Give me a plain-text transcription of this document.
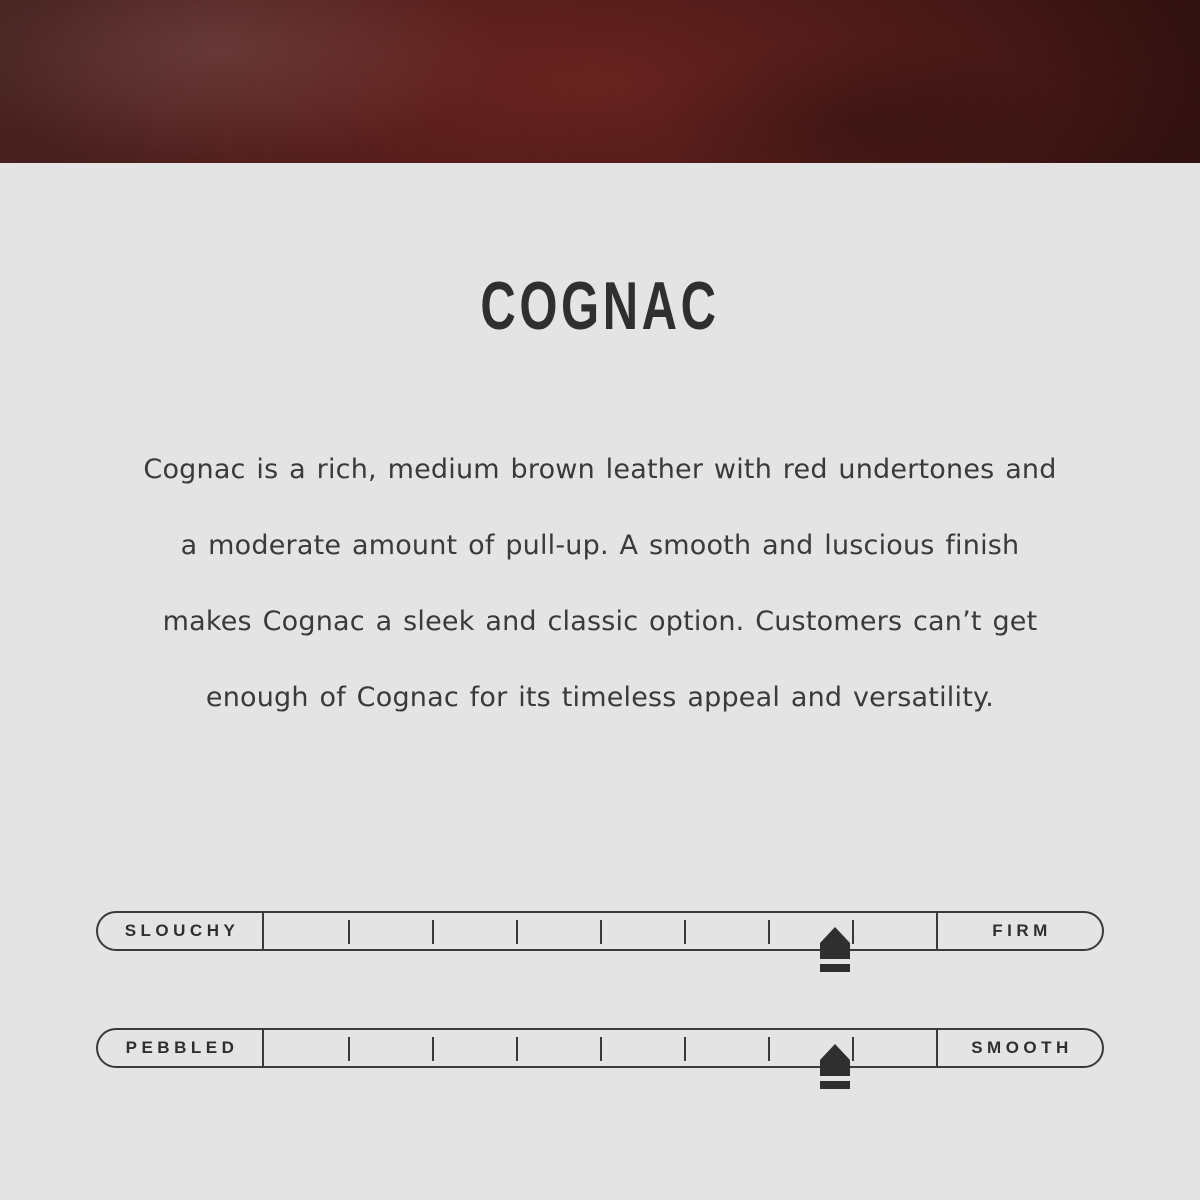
COGNAC
Cognac is a rich, medium brown leather with red undertones and a moderate amount of pull-up. A smooth and luscious finish makes Cognac a sleek and classic option. Customers can’t get enough of Cognac for its timeless appeal and versatility.
SLOUCHY	FIRM
PEBBLED	SMOOTH
